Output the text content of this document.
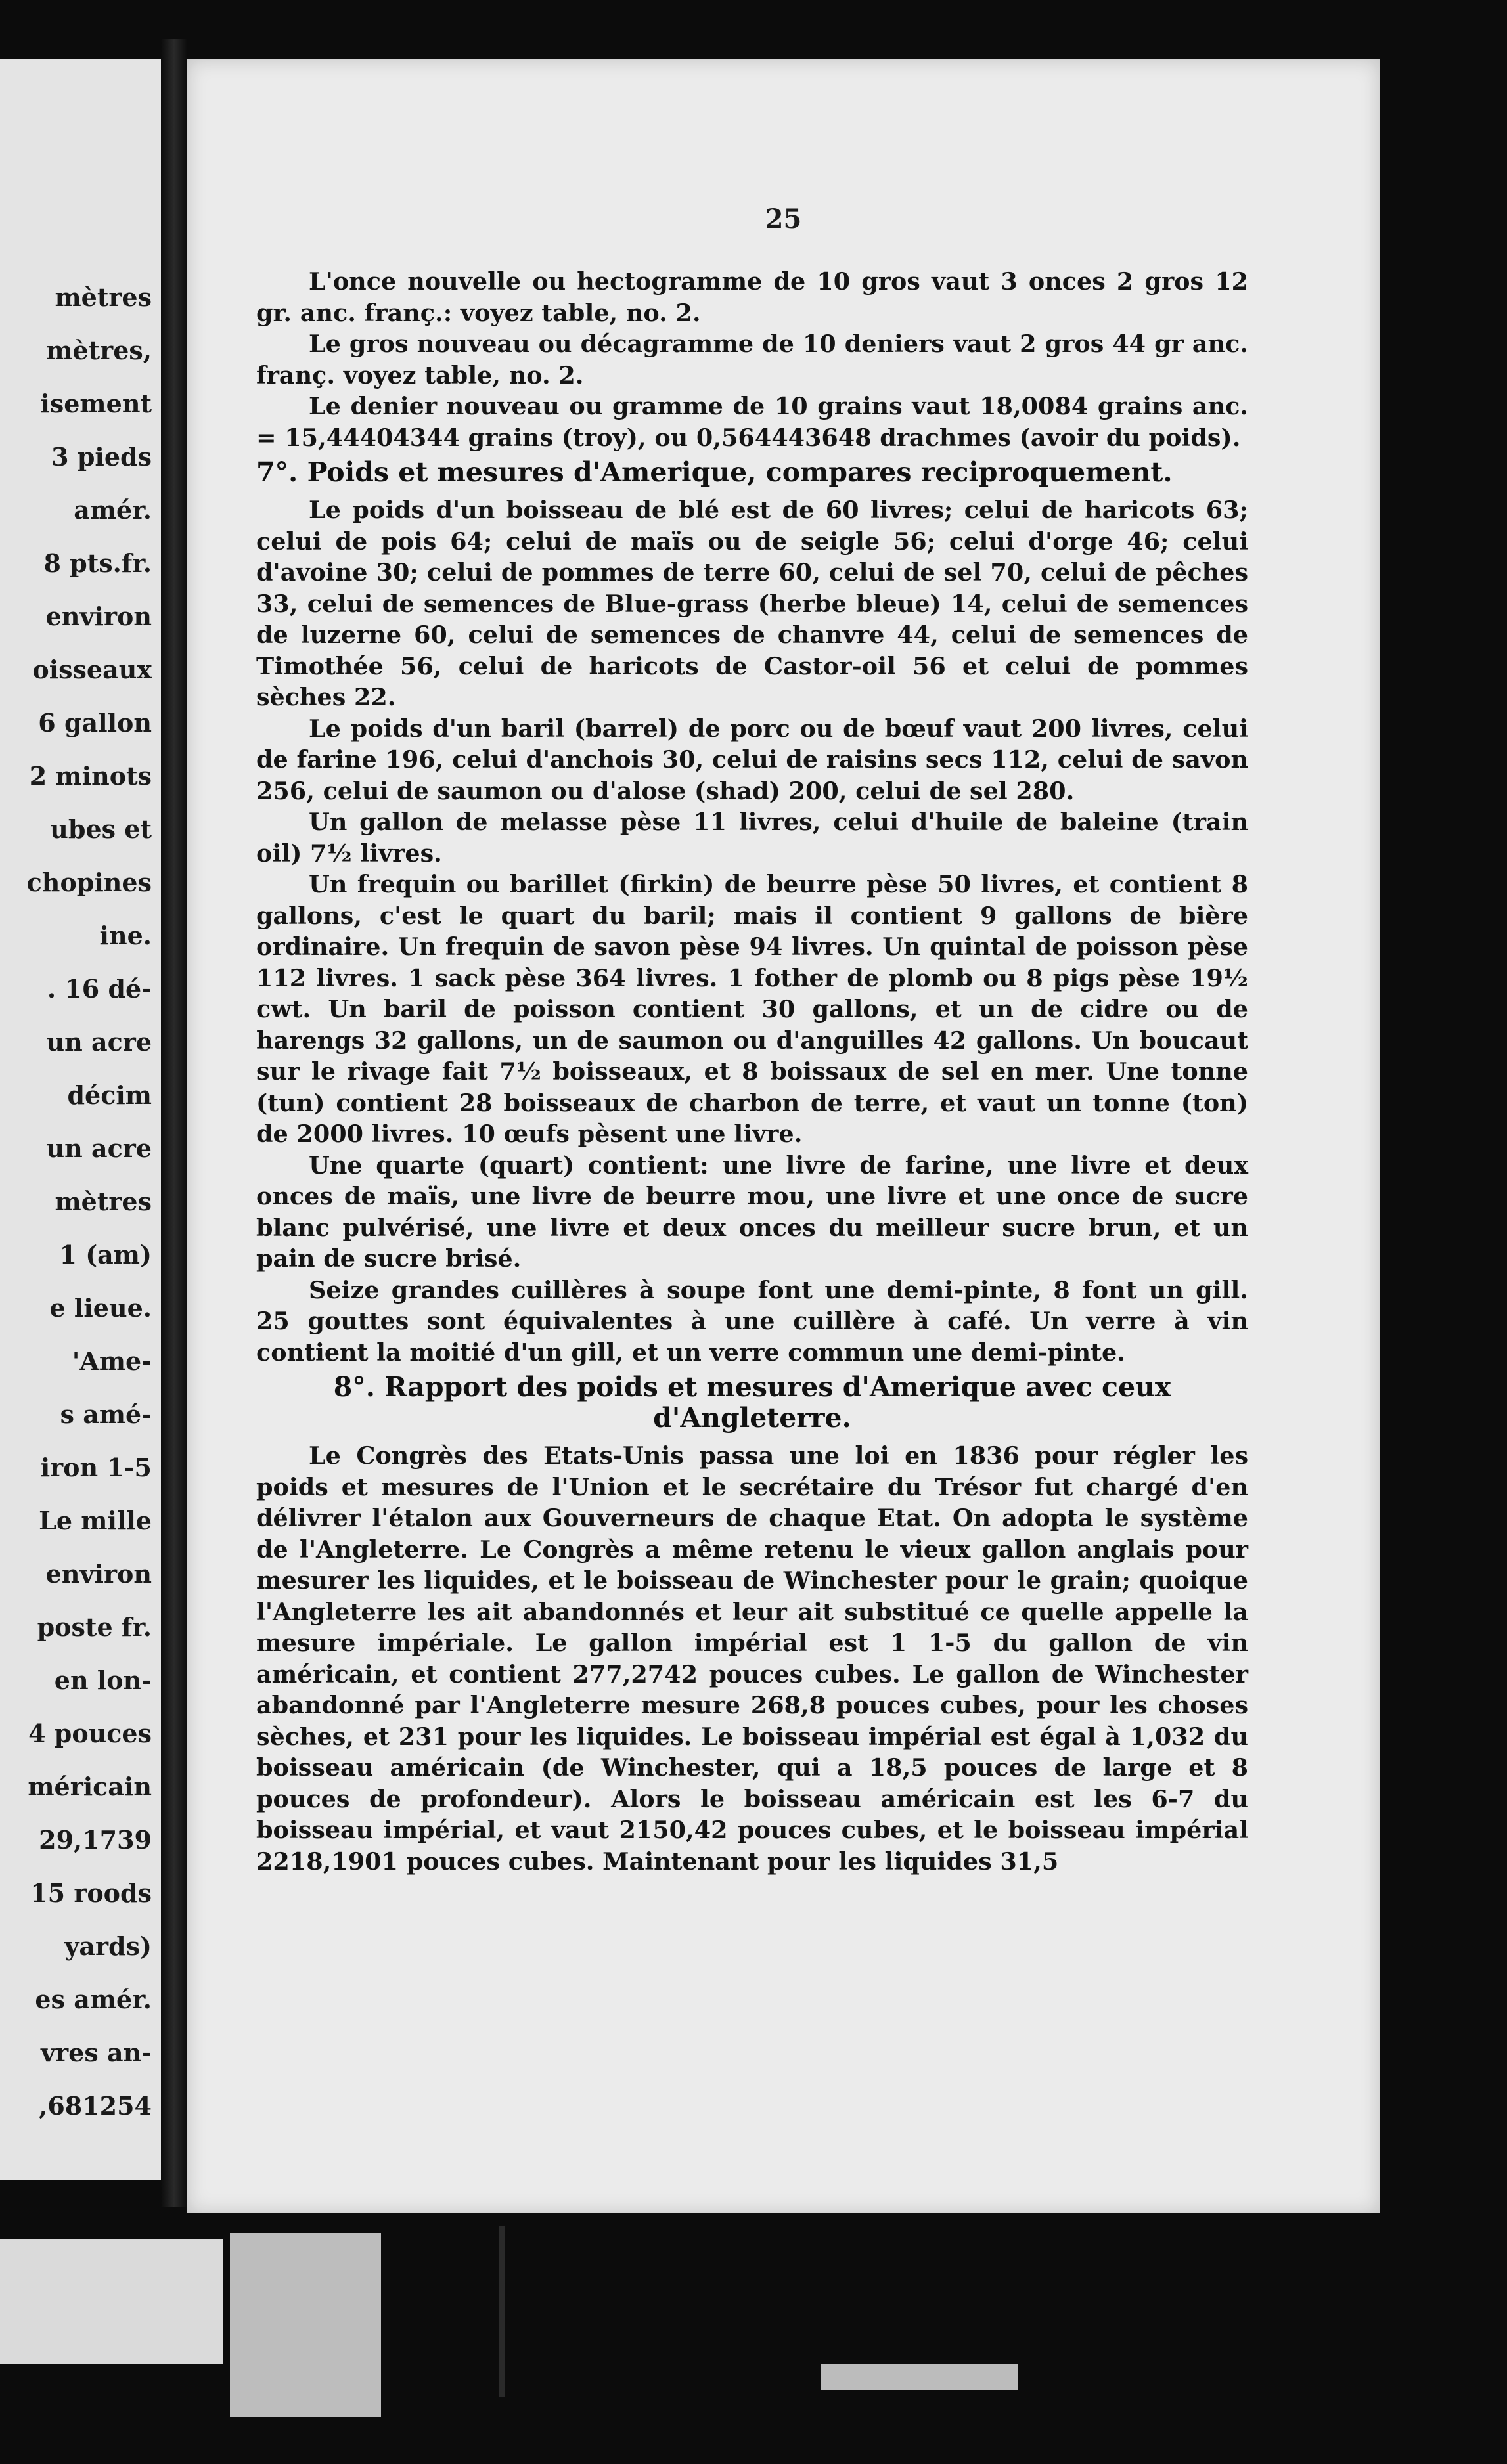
mètres
mètres,
isement
3 pieds
amér.
8 pts.fr.
environ
oisseaux
6 gallon
2 minots
ubes et
chopines
ine.
. 16 dé-
un acre
décim
un acre
mètres
1 (am)
e lieue.
'Ame-
s amé-
iron 1-5
Le mille
environ
poste fr.
en lon-
4 pouces
méricain
29,1739
15 roods
yards)
es amér.
vres an-
,681254
25

L'once nouvelle ou hectogramme de 10 gros vaut 3 onces 2 gros 12 gr. anc. franç.: voyez table, no. 2.

Le gros nouveau ou décagramme de 10 deniers vaut 2 gros 44 gr anc. franç. voyez table, no. 2.

Le denier nouveau ou gramme de 10 grains vaut 18,0084 grains anc. = 15,44404344 grains (troy), ou 0,564443648 drachmes (avoir du poids).

7°. Poids et mesures d'Amerique, compares reciproquement.

Le poids d'un boisseau de blé est de 60 livres; celui de haricots 63; celui de pois 64; celui de maïs ou de seigle 56; celui d'orge 46; celui d'avoine 30; celui de pommes de terre 60, celui de sel 70, celui de pêches 33, celui de semences de Blue-grass (herbe bleue) 14, celui de semences de luzerne 60, celui de semences de chanvre 44, celui de semences de Timothée 56, celui de haricots de Castor-oil 56 et celui de pommes sèches 22.

Le poids d'un baril (barrel) de porc ou de bœuf vaut 200 livres, celui de farine 196, celui d'anchois 30, celui de raisins secs 112, celui de savon 256, celui de saumon ou d'alose (shad) 200, celui de sel 280.

Un gallon de melasse pèse 11 livres, celui d'huile de baleine (train oil) 7½ livres.

Un frequin ou barillet (firkin) de beurre pèse 50 livres, et contient 8 gallons, c'est le quart du baril; mais il contient 9 gallons de bière ordinaire. Un frequin de savon pèse 94 livres. Un quintal de poisson pèse 112 livres. 1 sack pèse 364 livres. 1 fother de plomb ou 8 pigs pèse 19½ cwt. Un baril de poisson contient 30 gallons, et un de cidre ou de harengs 32 gallons, un de saumon ou d'anguilles 42 gallons. Un boucaut sur le rivage fait 7½ boisseaux, et 8 boissaux de sel en mer. Une tonne (tun) contient 28 boisseaux de charbon de terre, et vaut un tonne (ton) de 2000 livres. 10 œufs pèsent une livre.

Une quarte (quart) contient: une livre de farine, une livre et deux onces de maïs, une livre de beurre mou, une livre et une once de sucre blanc pulvérisé, une livre et deux onces du meilleur sucre brun, et un pain de sucre brisé.

Seize grandes cuillères à soupe font une demi-pinte, 8 font un gill. 25 gouttes sont équivalentes à une cuillère à café. Un verre à vin contient la moitié d'un gill, et un verre commun une demi-pinte.

8°. Rapport des poids et mesures d'Amerique avec ceux
d'Angleterre.

Le Congrès des Etats-Unis passa une loi en 1836 pour régler les poids et mesures de l'Union et le secrétaire du Trésor fut chargé d'en délivrer l'étalon aux Gouverneurs de chaque Etat. On adopta le système de l'Angleterre. Le Congrès a même retenu le vieux gallon anglais pour mesurer les liquides, et le boisseau de Winchester pour le grain; quoique l'Angleterre les ait abandonnés et leur ait substitué ce quelle appelle la mesure impériale. Le gallon impérial est 1 1-5 du gallon de vin américain, et contient 277,2742 pouces cubes. Le gallon de Winchester abandonné par l'Angleterre mesure 268,8 pouces cubes, pour les choses sèches, et 231 pour les liquides. Le boisseau impérial est égal à 1,032 du boisseau américain (de Winchester, qui a 18,5 pouces de large et 8 pouces de profondeur). Alors le boisseau américain est les 6-7 du boisseau impérial, et vaut 2150,42 pouces cubes, et le boisseau impérial 2218,1901 pouces cubes. Maintenant pour les liquides 31,5
